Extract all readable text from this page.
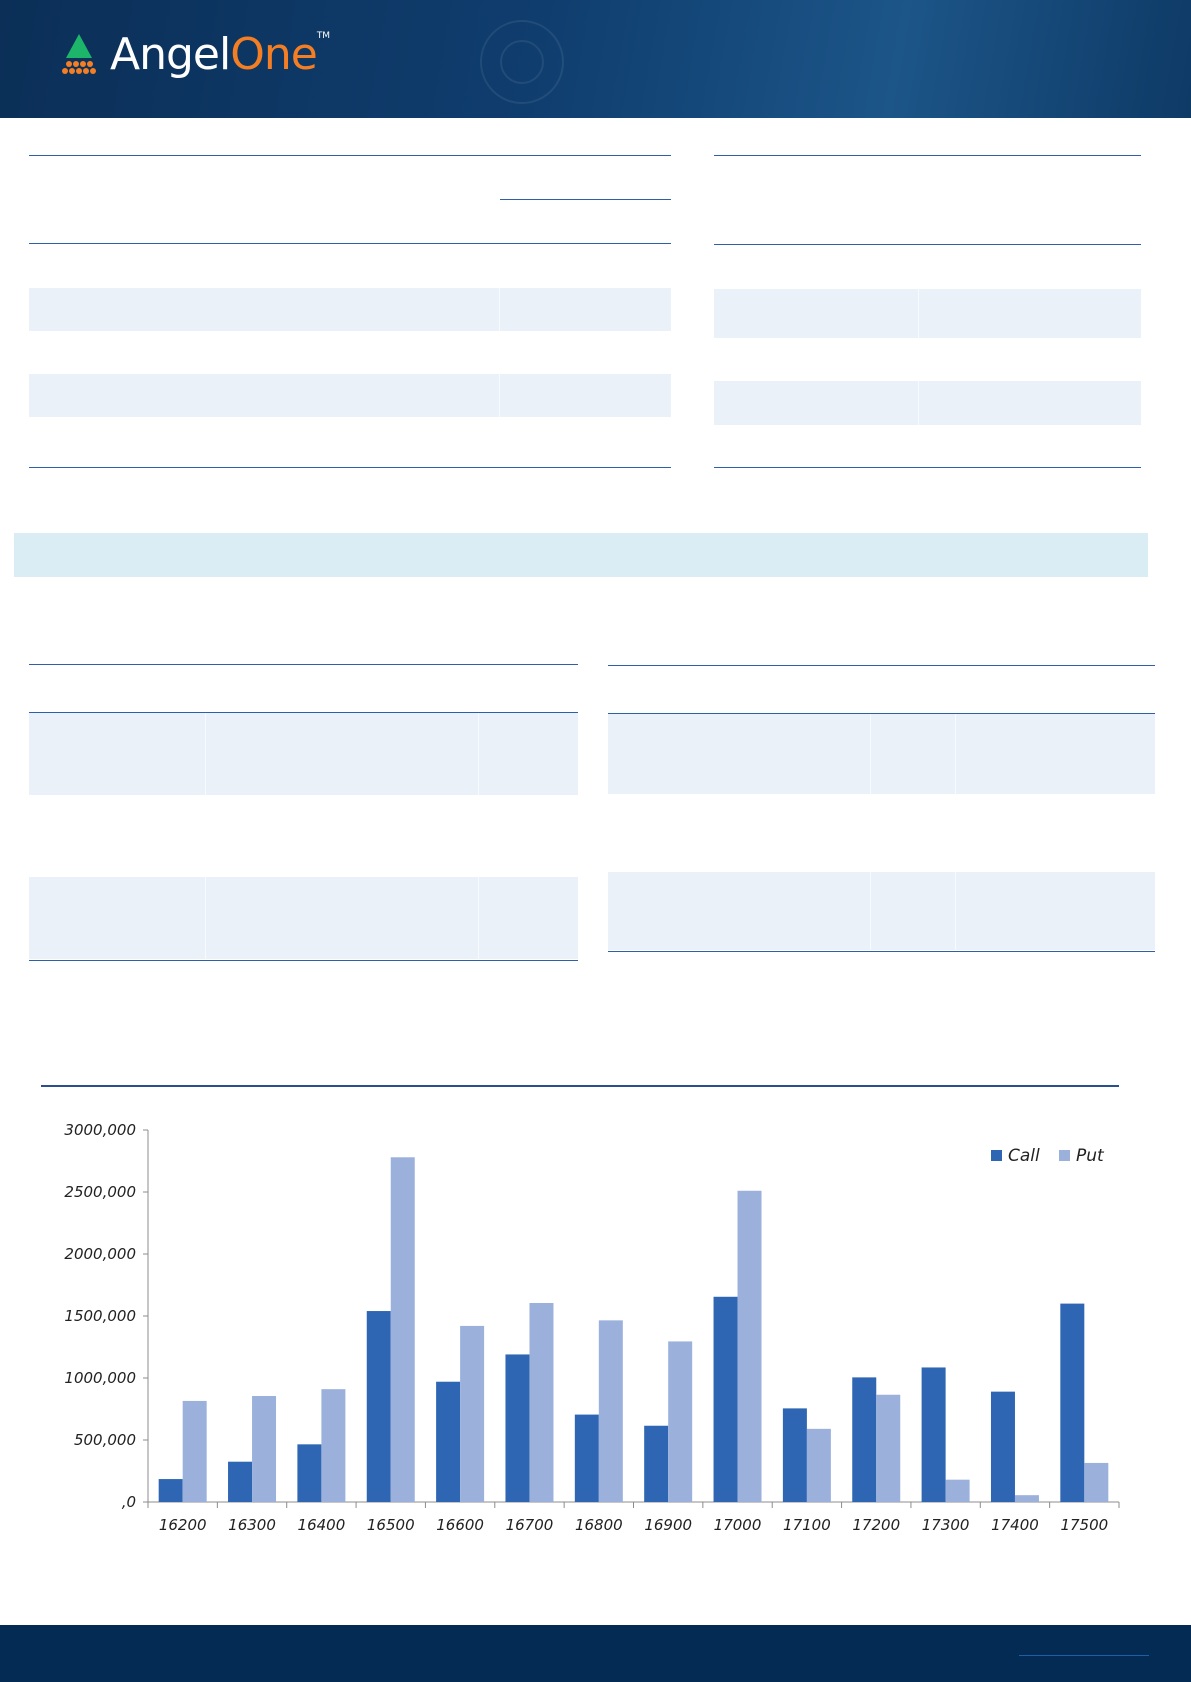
AngelOne TM
,0
500,000
1000,000
1500,000
2000,000
2500,000
3000,000
16200 16300 16400 16500 16600 16700 16800 16900 17000 17100 17200 17300 17400 17500
Call Put
